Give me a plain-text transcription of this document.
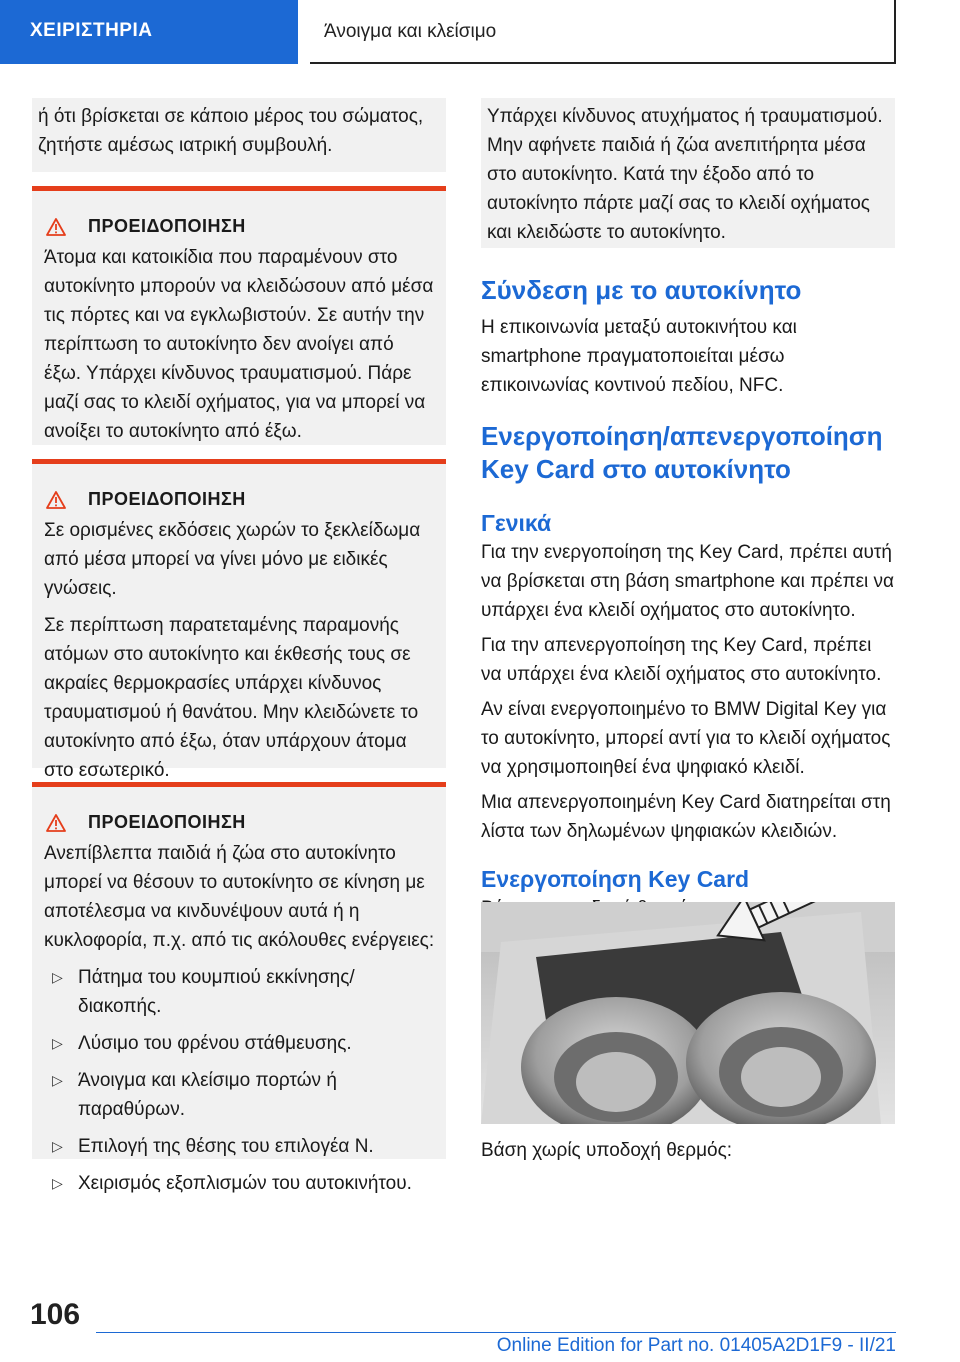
ΧΕΙΡΙΣΤΗΡΙΑ	Άνοιγμα και κλείσιμο

ή ότι βρίσκεται σε κάποιο μέρος του σώματος, ζητήστε αμέσως ιατρική συμβουλή.

ΠΡΟΕΙΔΟΠΟΙΗΣΗ

Άτομα και κατοικίδια που παραμένουν στο αυτοκίνητο μπορούν να κλειδώσουν από μέσα τις πόρτες και να εγκλωβιστούν. Σε αυτήν την περίπτωση το αυτοκίνητο δεν ανοίγει από έξω. Υπάρχει κίνδυνος τραυματισμού. Πάρε μαζί σας το κλειδί οχήματος, για να μπορεί να ανοίξει το αυτοκίνητο από έξω.

ΠΡΟΕΙΔΟΠΟΙΗΣΗ

Σε ορισμένες εκδόσεις χωρών το ξεκλείδωμα από μέσα μπορεί να γίνει μόνο με ειδικές γνώσεις.

Σε περίπτωση παρατεταμένης παραμονής ατόμων στο αυτοκίνητο και έκθεσής τους σε ακραίες θερμοκρασίες υπάρχει κίνδυνος τραυματισμού ή θανάτου. Μην κλειδώνετε το αυτοκίνητο από έξω, όταν υπάρχουν άτομα στο εσωτερικό.

ΠΡΟΕΙΔΟΠΟΙΗΣΗ

Ανεπίβλεπτα παιδιά ή ζώα στο αυτοκίνητο μπορεί να θέσουν το αυτοκίνητο σε κίνηση με αποτέλεσμα να κινδυνέψουν αυτά ή η κυκλοφορία, π.χ. από τις ακόλουθες ενέργειες:

▷ Πάτημα του κουμπιού εκκίνησης/διακοπής.
▷ Λύσιμο του φρένου στάθμευσης.
▷ Άνοιγμα και κλείσιμο πορτών ή παραθύρων.
▷ Επιλογή της θέσης του επιλογέα N.
▷ Χειρισμός εξοπλισμών του αυτοκινήτου.

Υπάρχει κίνδυνος ατυχήματος ή τραυματισμού. Μην αφήνετε παιδιά ή ζώα ανεπιτήρητα μέσα στο αυτοκίνητο. Κατά την έξοδο από το αυτοκίνητο πάρτε μαζί σας το κλειδί οχήματος και κλειδώστε το αυτοκίνητο.

Σύνδεση με το αυτοκίνητο

Η επικοινωνία μεταξύ αυτοκινήτου και smartphone πραγματοποιείται μέσω επικοινωνίας κοντινού πεδίου, NFC.

Ενεργοποίηση/απενεργοποίηση Key Card στο αυτοκίνητο
Γενικά

Για την ενεργοποίηση της Key Card, πρέπει αυτή να βρίσκεται στη βάση smartphone και πρέπει να υπάρχει ένα κλειδί οχήματος στο αυτοκίνητο.

Για την απενεργοποίηση της Key Card, πρέπει να υπάρχει ένα κλειδί οχήματος στο αυτοκίνητο.

Αν είναι ενεργοποιημένο το BMW Digital Key για το αυτοκίνητο, μπορεί αντί για το κλειδί οχήματος να χρησιμοποιηθεί ένα ψηφιακό κλειδί.

Μια απενεργοποιημένη Key Card διατηρείται στη λίστα των δηλωμένων ψηφιακών κλειδιών.

Ενεργοποίηση Key Card

Βάση χωρίς υποδοχή θερμός:

106
Online Edition for Part no. 01405A2D1F9 - II/21
